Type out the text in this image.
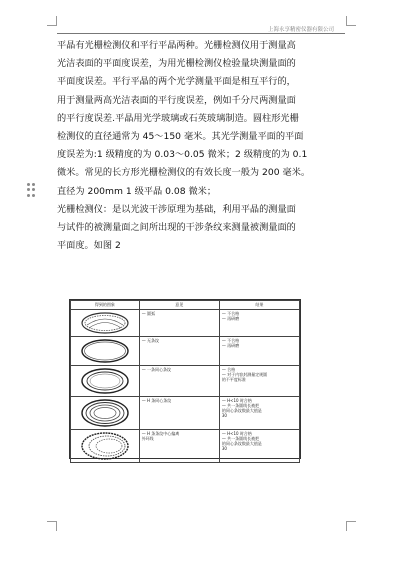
上海永享精密仪器有限公司
平晶有光栅检测仪和平行平晶两种。光栅检测仪用于测量高
光洁表面的平面度误差，为用光栅检测仪检验量块测量面的
平面度误差。平行平晶的两个光学测量平面是相互平行的，
用于测量两高光洁表面的平行度误差，例如千分尺两测量面
的平行度误差.平晶用光学玻璃或石英玻璃制造。圆柱形光栅
检测仪的直径通常为 45～150 毫米。其光学测量平面的平面
度误差为:1 级精度的为 0.03～0.05 微米；2 级精度的为 0.1
微米。常见的长方形光栅检测仪的有效长度一般为 200 毫米。
直径为 200mm 1 级平晶 0.08 微米；
光栅检测仪：是以光波干涉原理为基础，利用平晶的测量面
与试件的被测量面之间所出现的干涉条纹来测量被测量面的
平面度。如图 2
得到的图象	意见	结果

— 圆弧	— 不合格
— 再研磨

— 无条纹	— 不合格
— 再研磨

— 一条同心条纹	— 合格
— 对于内容封测量定规圆
的不平度标准

— H 条同心条纹	— H<10 时合格
— 共一条圆线长被把
的同心条纹数最大值是
30

— H 条条纹中心偏离
外环线	— H<10 时合格
— 共一条圆线长被把
的同心条纹数最大值是
30
